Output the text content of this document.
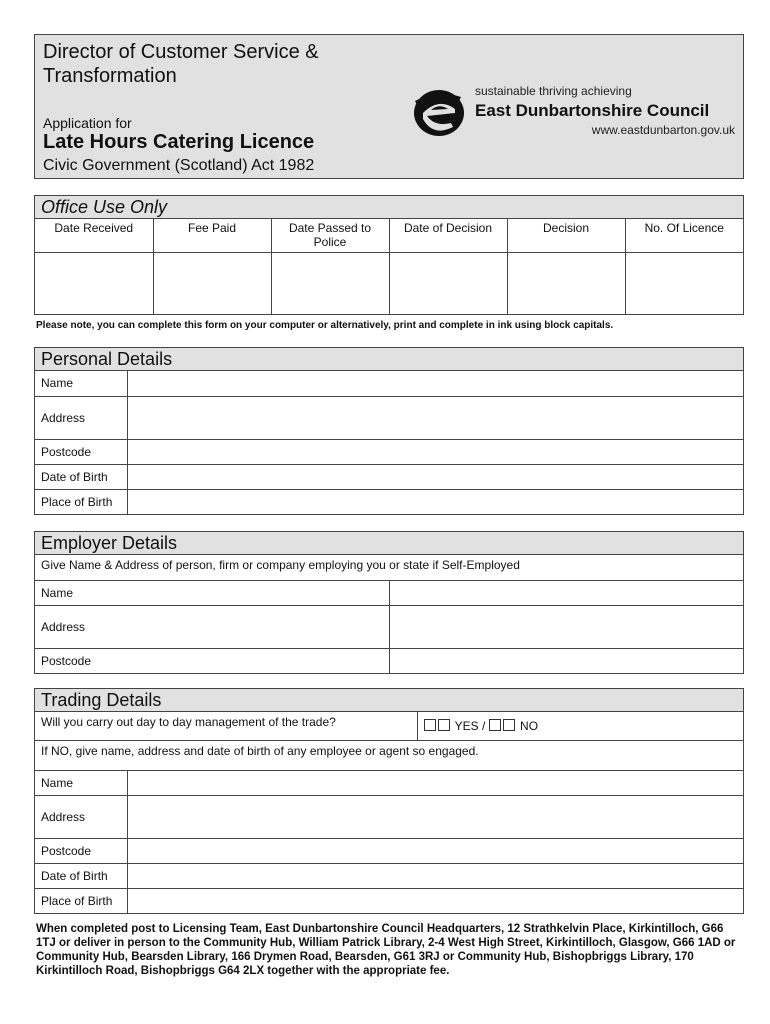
Director of Customer Service & Transformation
Application for
Late Hours Catering Licence
Civic Government (Scotland) Act 1982
sustainable thriving achieving
East Dunbartonshire Council
www.eastdunbarton.gov.uk
Office Use Only
Date Received	Fee Paid	Date Passed to Police	Date of Decision	Decision	No. Of Licence

Please note, you can complete this form on your computer or alternatively, print and complete in ink using block capitals.
Personal Details
Name	
Address	
Postcode	
Date of Birth	
Place of Birth	
Employer Details
Give Name & Address of person, firm or company employing you or state if Self-Employed	
Name	
Address	
Postcode	
Trading Details
Will you carry out day to day management of the trade?		YES / NO
If NO, give name, address and date of birth of any employee or agent so engaged.		
Name		
Address		
Postcode		
Date of Birth		
Place of Birth		
When completed post to Licensing Team, East Dunbartonshire Council Headquarters, 12 Strathkelvin Place, Kirkintilloch, G66 1TJ or deliver in person to the Community Hub, William Patrick Library, 2-4 West High Street, Kirkintilloch, Glasgow, G66 1AD or Community Hub, Bearsden Library, 166 Drymen Road, Bearsden, G61 3RJ or Community Hub, Bishopbriggs Library, 170 Kirkintilloch Road, Bishopbriggs G64 2LX together with the appropriate fee.
